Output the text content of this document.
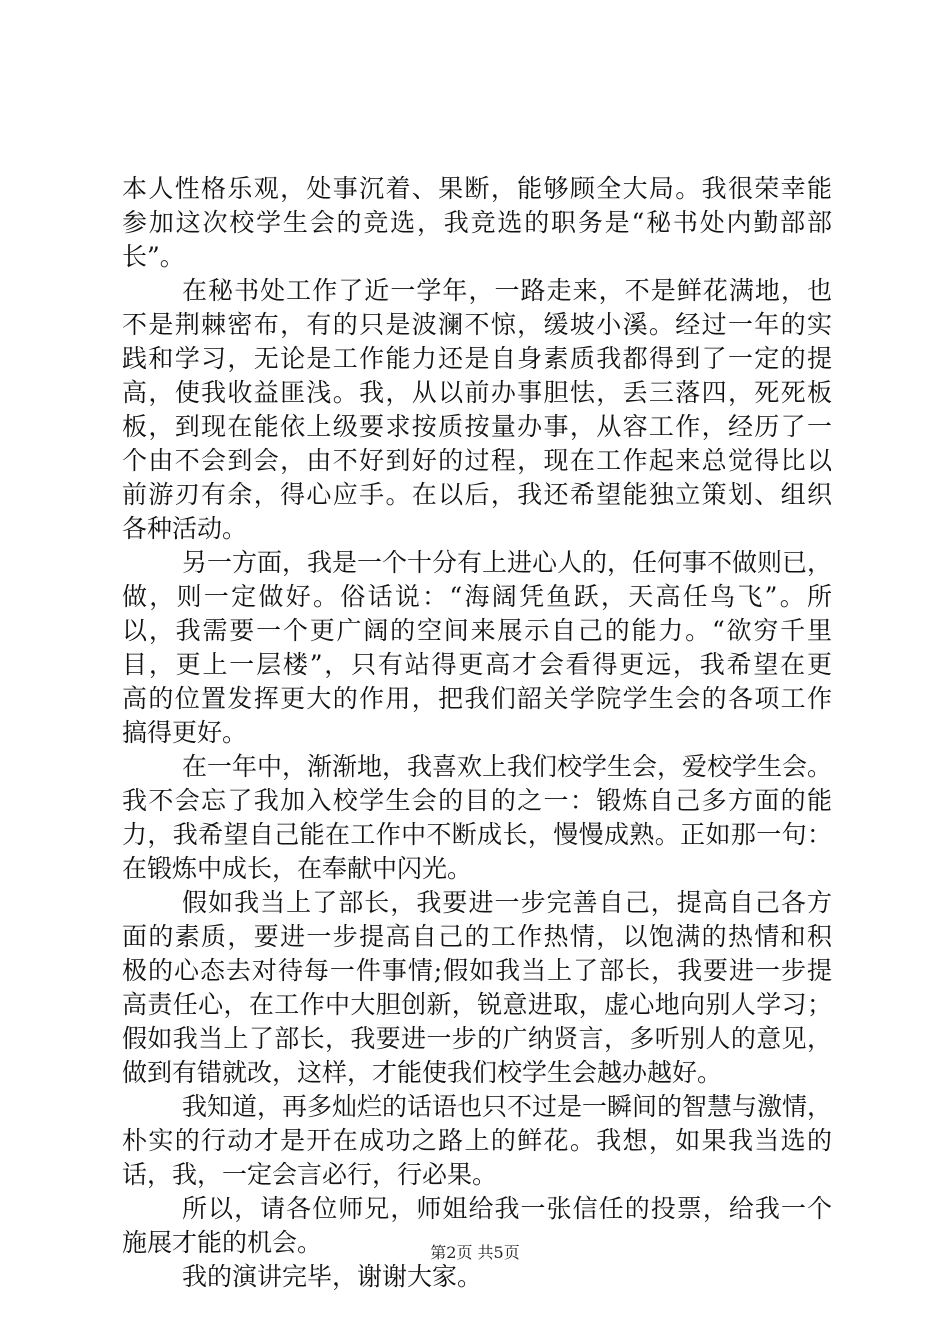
本人性格乐观，处事沉着、果断，能够顾全大局。我很荣幸能
参加这次校学生会的竞选，我竞选的职务是“秘书处内勤部部
长”。
在秘书处工作了近一学年，一路走来，不是鲜花满地，也
不是荆棘密布，有的只是波澜不惊，缓坡小溪。经过一年的实
践和学习，无论是工作能力还是自身素质我都得到了一定的提
高，使我收益匪浅。我，从以前办事胆怯，丢三落四，死死板
板，到现在能依上级要求按质按量办事，从容工作，经历了一
个由不会到会，由不好到好的过程，现在工作起来总觉得比以
前游刃有余，得心应手。在以后，我还希望能独立策划、组织
各种活动。
另一方面，我是一个十分有上进心人的，任何事不做则已，
做，则一定做好。俗话说：“海阔凭鱼跃，天高任鸟飞”。所
以，我需要一个更广阔的空间来展示自己的能力。“欲穷千里
目，更上一层楼”，只有站得更高才会看得更远，我希望在更
高的位置发挥更大的作用，把我们韶关学院学生会的各项工作
搞得更好。
在一年中，渐渐地，我喜欢上我们校学生会，爱校学生会。
我不会忘了我加入校学生会的目的之一：锻炼自己多方面的能
力，我希望自己能在工作中不断成长，慢慢成熟。正如那一句：
在锻炼中成长，在奉献中闪光。
假如我当上了部长，我要进一步完善自己，提高自己各方
面的素质，要进一步提高自己的工作热情，以饱满的热情和积
极的心态去对待每一件事情;假如我当上了部长，我要进一步提
高责任心，在工作中大胆创新，锐意进取，虚心地向别人学习；
假如我当上了部长，我要进一步的广纳贤言，多听别人的意见，
做到有错就改，这样，才能使我们校学生会越办越好。
我知道，再多灿烂的话语也只不过是一瞬间的智慧与激情，
朴实的行动才是开在成功之路上的鲜花。我想，如果我当选的
话，我，一定会言必行，行必果。
所以，请各位师兄，师姐给我一张信任的投票，给我一个
施展才能的机会。
我的演讲完毕，谢谢大家。
第2页 共5页
